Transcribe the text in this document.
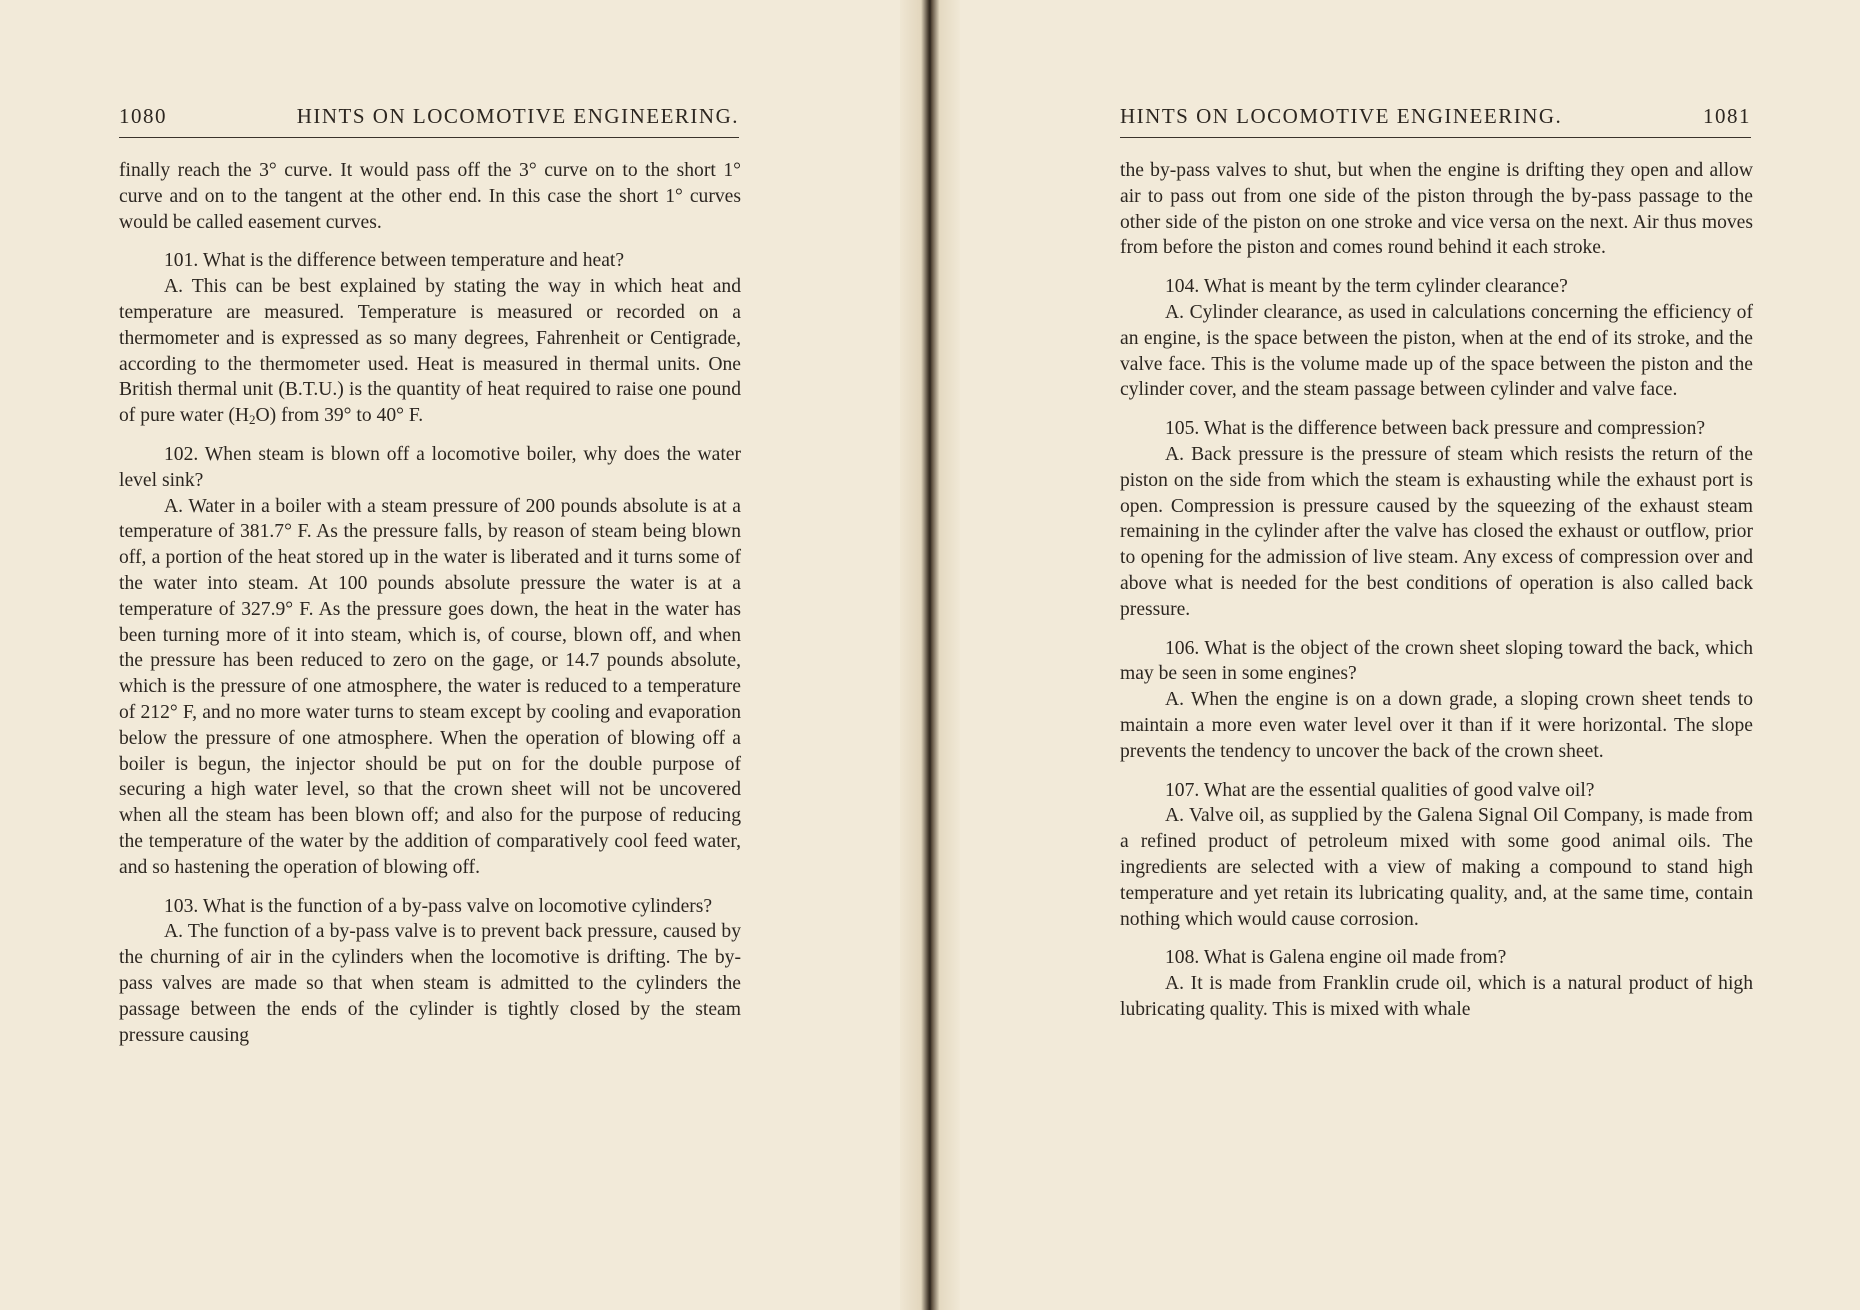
1080	HINTS ON LOCOMOTIVE ENGINEERING.

finally reach the 3° curve. It would pass off the 3° curve on to the short 1° curve and on to the tangent at the other end. In this case the short 1° curves would be called easement curves.

101. What is the difference between temperature and heat?

A. This can be best explained by stating the way in which heat and temperature are measured. Temperature is measured or recorded on a thermometer and is expressed as so many degrees, Fahrenheit or Centigrade, according to the thermometer used. Heat is measured in thermal units. One British thermal unit (B.T.U.) is the quantity of heat required to raise one pound of pure water $(H_2O)$ from 39° to 40° F.

102. When steam is blown off a locomotive boiler, why does the water level sink?

A. Water in a boiler with a steam pressure of 200 pounds absolute is at a temperature of 381.7° F. As the pressure falls, by reason of steam being blown off, a portion of the heat stored up in the water is liberated and it turns some of the water into steam. At 100 pounds absolute pressure the water is at a temperature of 327.9° F. As the pressure goes down, the heat in the water has been turning more of it into steam, which is, of course, blown off, and when the pressure has been reduced to zero on the gage, or 14.7 pounds absolute, which is the pressure of one atmosphere, the water is reduced to a temperature of 212° F, and no more water turns to steam except by cooling and evaporation below the pressure of one atmosphere. When the operation of blowing off a boiler is begun, the injector should be put on for the double purpose of securing a high water level, so that the crown sheet will not be uncovered when all the steam has been blown off; and also for the purpose of reducing the temperature of the water by the addition of comparatively cool feed water, and so hastening the operation of blowing off.

103. What is the function of a by-pass valve on locomotive cylinders?

A. The function of a by-pass valve is to prevent back pressure, caused by the churning of air in the cylinders when the locomotive is drifting. The by-pass valves are made so that when steam is admitted to the cylinders the passage between the ends of the cylinder is tightly closed by the steam pressure causing

HINTS ON LOCOMOTIVE ENGINEERING.	1081

the by-pass valves to shut, but when the engine is drifting they open and allow air to pass out from one side of the piston through the by-pass passage to the other side of the piston on one stroke and vice versa on the next. Air thus moves from before the piston and comes round behind it each stroke.

104. What is meant by the term cylinder clearance?

A. Cylinder clearance, as used in calculations concerning the efficiency of an engine, is the space between the piston, when at the end of its stroke, and the valve face. This is the volume made up of the space between the piston and the cylinder cover, and the steam passage between cylinder and valve face.

105. What is the difference between back pressure and compression?

A. Back pressure is the pressure of steam which resists the return of the piston on the side from which the steam is exhausting while the exhaust port is open. Compression is pressure caused by the squeezing of the exhaust steam remaining in the cylinder after the valve has closed the exhaust or outflow, prior to opening for the admission of live steam. Any excess of compression over and above what is needed for the best conditions of operation is also called back pressure.

106. What is the object of the crown sheet sloping toward the back, which may be seen in some engines?

A. When the engine is on a down grade, a sloping crown sheet tends to maintain a more even water level over it than if it were horizontal. The slope prevents the tendency to uncover the back of the crown sheet.

107. What are the essential qualities of good valve oil?

A. Valve oil, as supplied by the Galena Signal Oil Company, is made from a refined product of petroleum mixed with some good animal oils. The ingredients are selected with a view of making a compound to stand high temperature and yet retain its lubricating quality, and, at the same time, contain nothing which would cause corrosion.

108. What is Galena engine oil made from?

A. It is made from Franklin crude oil, which is a natural product of high lubricating quality. This is mixed with whale
